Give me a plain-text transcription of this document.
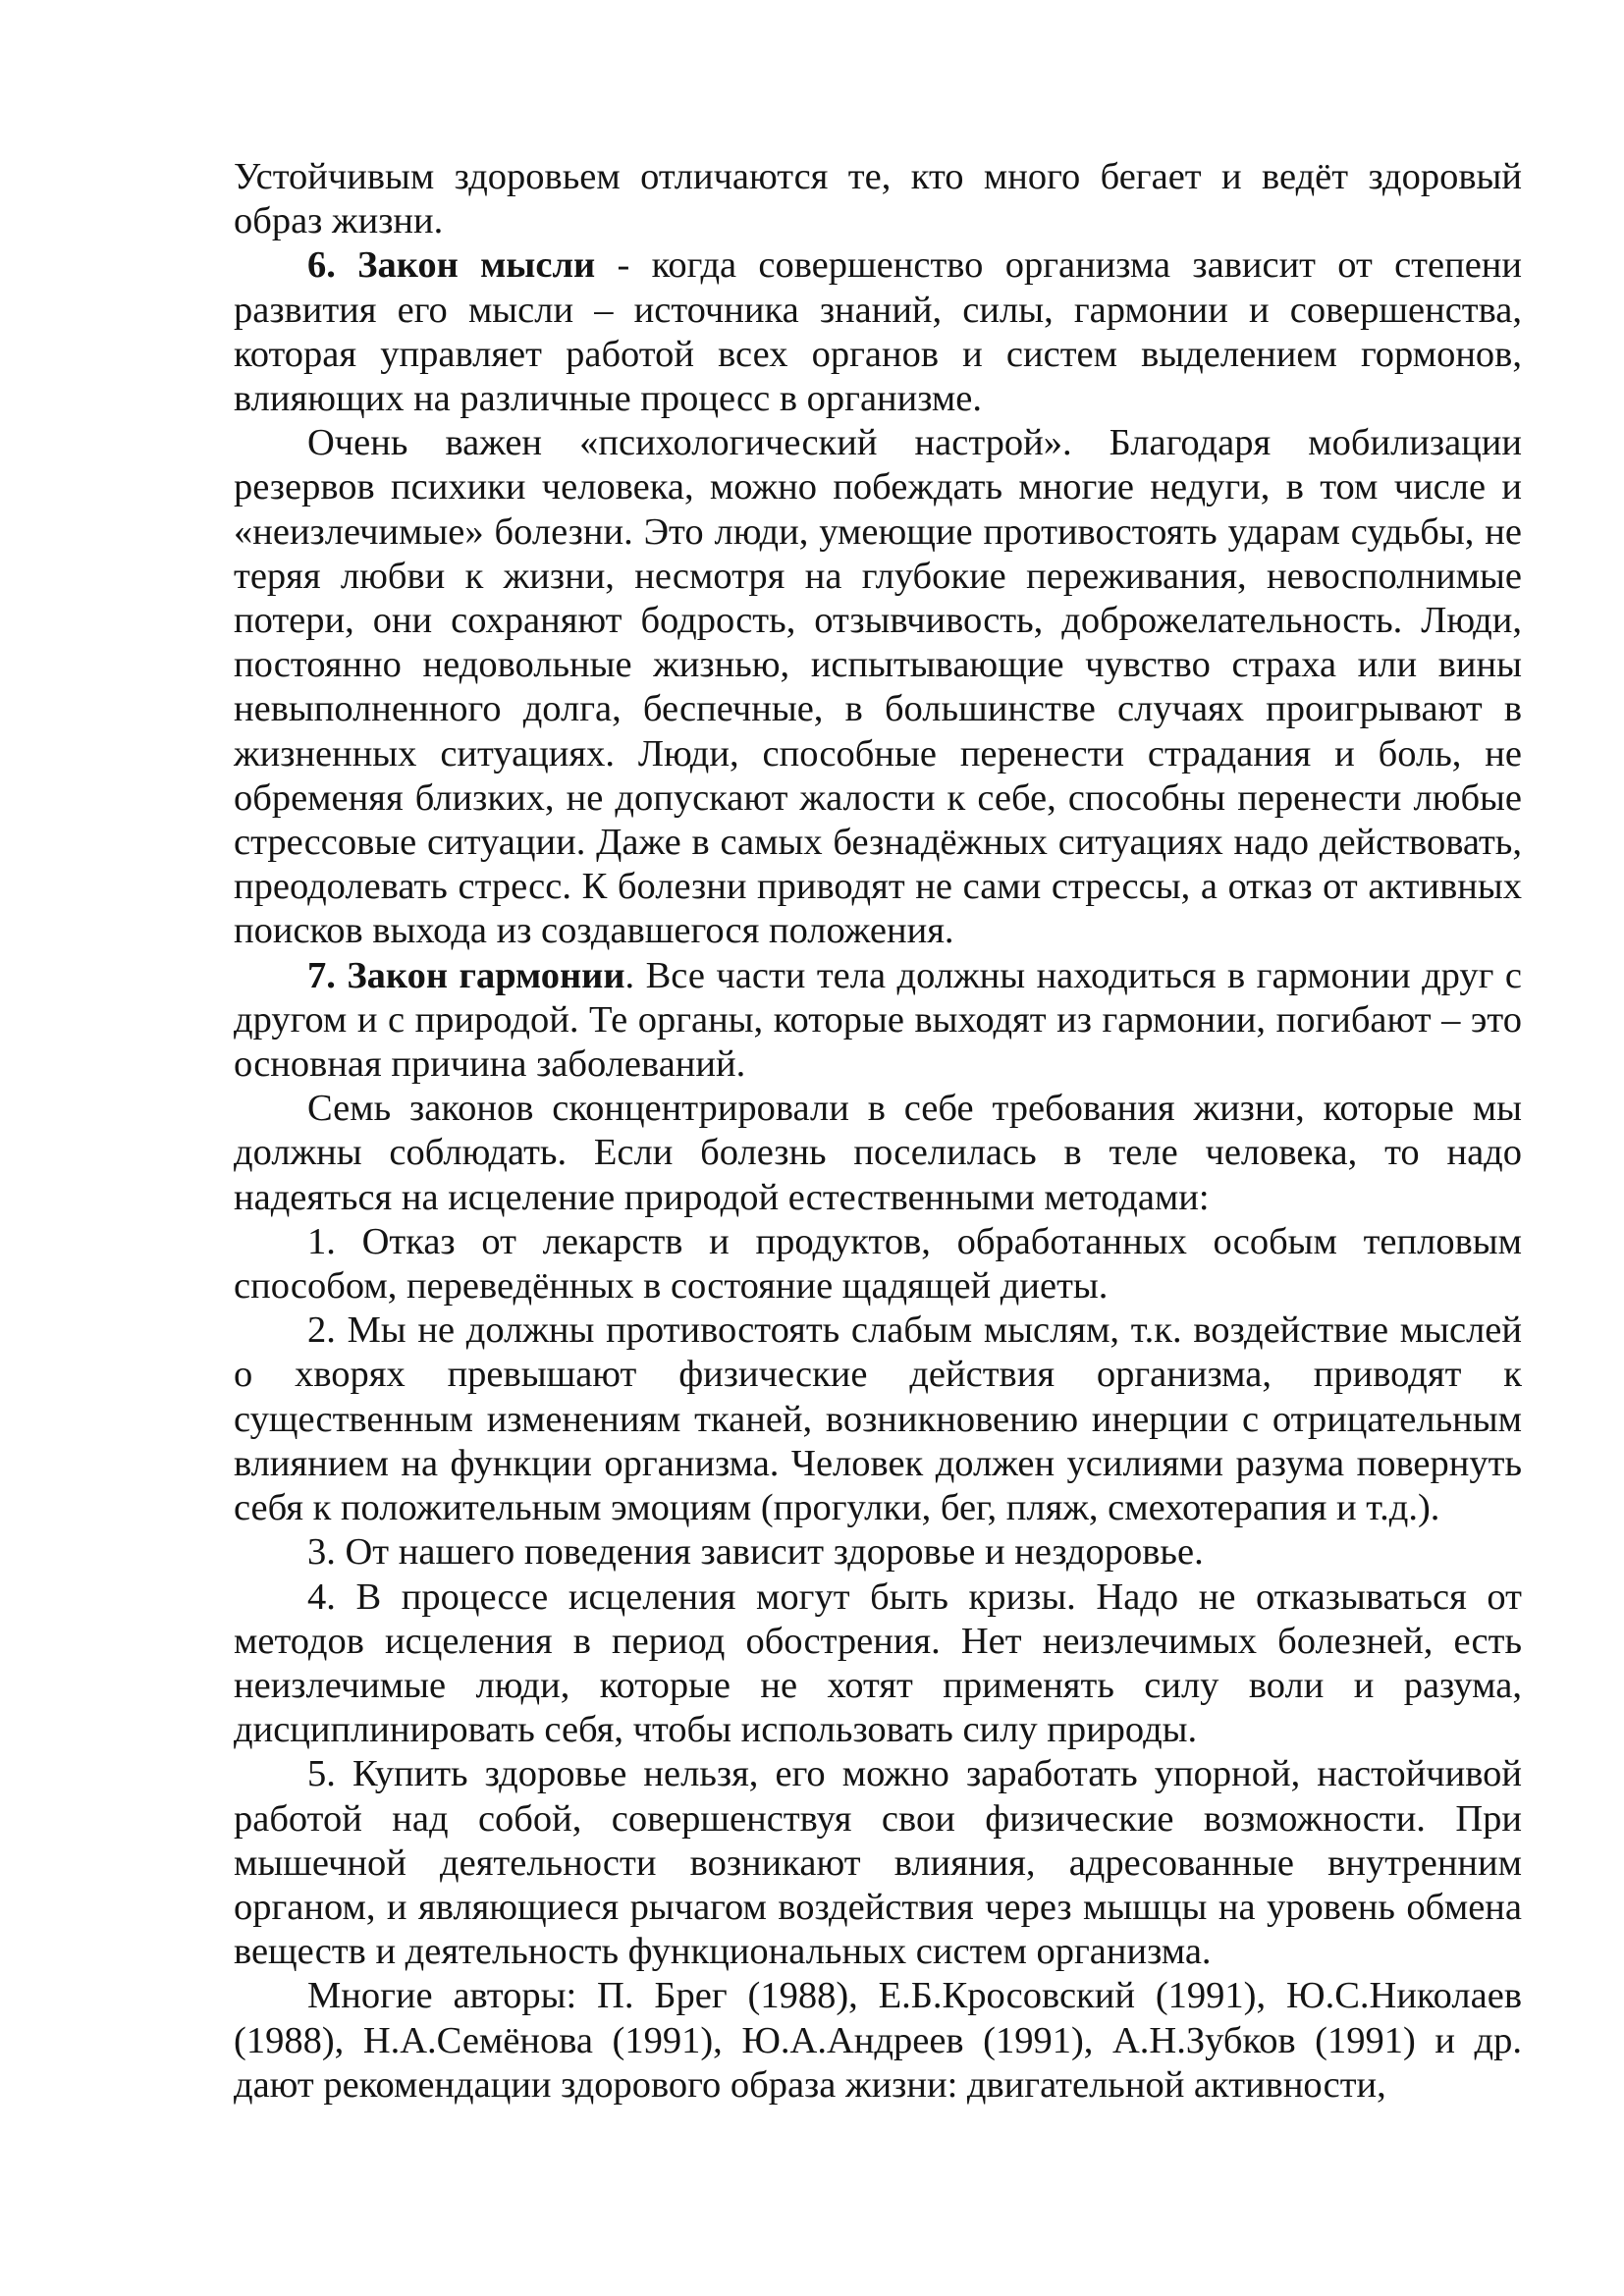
Устойчивым здоровьем отличаются те, кто много бегает и ведёт здоровый образ жизни.

6. Закон мысли - когда совершенство организма зависит от степени развития его мысли – источника знаний, силы, гармонии и совершенства, которая управляет работой всех органов и систем выделением гормонов, влияющих на различные процесс в организме.

Очень важен «психологический настрой». Благодаря мобилизации резервов психики человека, можно побеждать многие недуги, в том числе и «неизлечимые» болезни. Это люди, умеющие противостоять ударам судьбы, не теряя любви к жизни, несмотря на глубокие переживания, невосполнимые потери, они сохраняют бодрость, отзывчивость, доброжелательность. Люди, постоянно недовольные жизнью, испытывающие чувство страха или вины невыполненного долга, беспечные, в большинстве случаях проигрывают в жизненных ситуациях. Люди, способные перенести страдания и боль, не обременяя близких, не допускают жалости к себе, способны перенести любые стрессовые ситуации. Даже в самых безнадёжных ситуациях надо действовать, преодолевать стресс. К болезни приводят не сами стрессы, а отказ от активных поисков выхода из создавшегося положения.

7. Закон гармонии. Все части тела должны находиться в гармонии друг с другом и с природой. Те органы, которые выходят из гармонии, погибают – это основная причина заболеваний.

Семь законов сконцентрировали в себе требования жизни, которые мы должны соблюдать. Если болезнь поселилась в теле человека, то надо надеяться на исцеление природой естественными методами:

1. Отказ от лекарств и продуктов, обработанных особым тепловым способом, переведённых в состояние щадящей диеты.

2. Мы не должны противостоять слабым мыслям, т.к. воздействие мыслей о хворях превышают физические действия организма, приводят к существенным изменениям тканей, возникновению инерции с отрицательным влиянием на функции организма. Человек должен усилиями разума повернуть себя к положительным эмоциям (прогулки, бег, пляж, смехотерапия и т.д.).

3. От нашего поведения зависит здоровье и нездоровье.

4. В процессе исцеления могут быть кризы. Надо не отказываться от методов исцеления в период обострения. Нет неизлечимых болезней, есть неизлечимые люди, которые не хотят применять силу воли и разума, дисциплинировать себя, чтобы использовать силу природы.

5. Купить здоровье нельзя, его можно заработать упорной, настойчивой работой над собой, совершенствуя свои физические возможности. При мышечной деятельности возникают влияния, адресованные внутренним органом, и являющиеся рычагом воздействия через мышцы на уровень обмена веществ и деятельность функциональных систем организма.

Многие авторы: П. Брег (1988), Е.Б.Кросовский (1991), Ю.С.Николаев (1988), Н.А.Семёнова (1991), Ю.А.Андреев (1991), А.Н.Зубков (1991) и др. дают рекомендации здорового образа жизни: двигательной активности,
